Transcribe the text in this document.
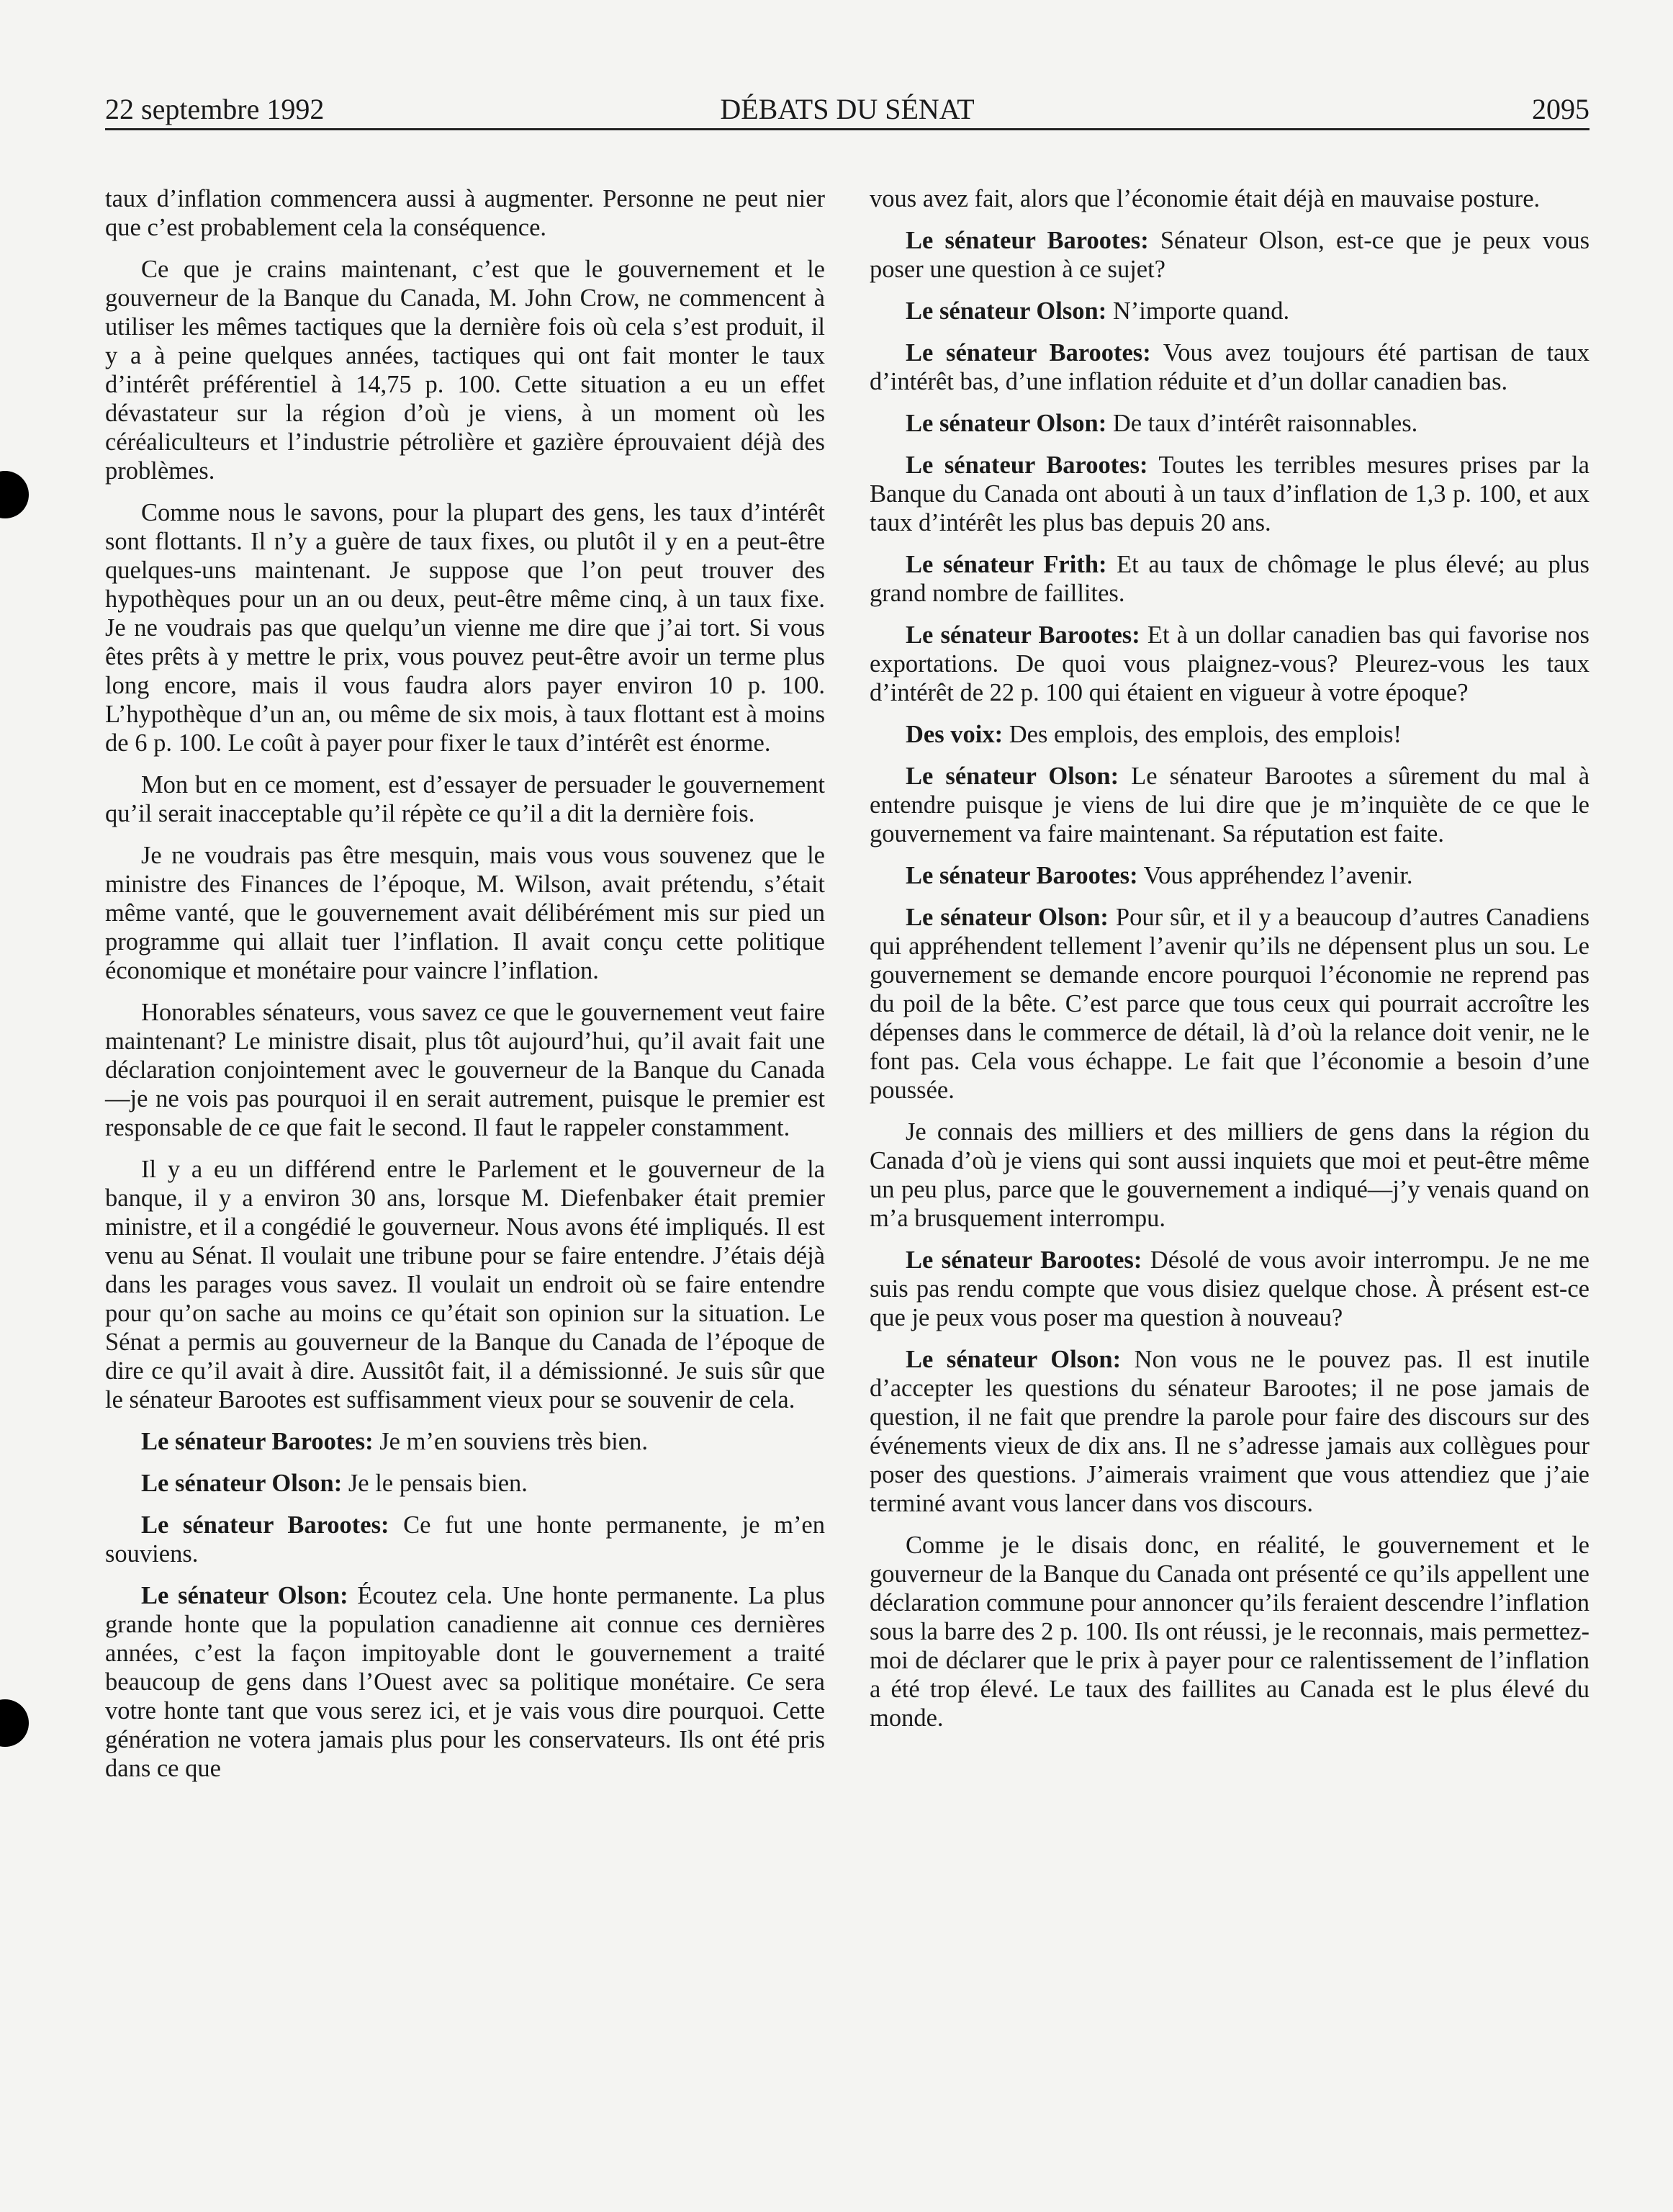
22 septembre 1992	DÉBATS DU SÉNAT	2095

taux d’inflation commencera aussi à augmenter. Personne ne peut nier que c’est probablement cela la conséquence.

Ce que je crains maintenant, c’est que le gouvernement et le gouverneur de la Banque du Canada, M. John Crow, ne commencent à utiliser les mêmes tactiques que la dernière fois où cela s’est produit, il y a à peine quelques années, tactiques qui ont fait monter le taux d’intérêt préférentiel à 14,75 p. 100. Cette situation a eu un effet dévastateur sur la région d’où je viens, à un moment où les céréaliculteurs et l’industrie pétrolière et gazière éprouvaient déjà des problèmes.

Comme nous le savons, pour la plupart des gens, les taux d’intérêt sont flottants. Il n’y a guère de taux fixes, ou plutôt il y en a peut-être quelques-uns maintenant. Je suppose que l’on peut trouver des hypothèques pour un an ou deux, peut-être même cinq, à un taux fixe. Je ne voudrais pas que quelqu’un vienne me dire que j’ai tort. Si vous êtes prêts à y mettre le prix, vous pouvez peut-être avoir un terme plus long encore, mais il vous faudra alors payer environ 10 p. 100. L’hypothèque d’un an, ou même de six mois, à taux flottant est à moins de 6 p. 100. Le coût à payer pour fixer le taux d’intérêt est énorme.

Mon but en ce moment, est d’essayer de persuader le gouvernement qu’il serait inacceptable qu’il répète ce qu’il a dit la dernière fois.

Je ne voudrais pas être mesquin, mais vous vous souvenez que le ministre des Finances de l’époque, M. Wilson, avait prétendu, s’était même vanté, que le gouvernement avait délibérément mis sur pied un programme qui allait tuer l’inflation. Il avait conçu cette politique économique et monétaire pour vaincre l’inflation.

Honorables sénateurs, vous savez ce que le gouvernement veut faire maintenant? Le ministre disait, plus tôt aujourd’hui, qu’il avait fait une déclaration conjointement avec le gouverneur de la Banque du Canada—je ne vois pas pourquoi il en serait autrement, puisque le premier est responsable de ce que fait le second. Il faut le rappeler constamment.

Il y a eu un différend entre le Parlement et le gouverneur de la banque, il y a environ 30 ans, lorsque M. Diefenbaker était premier ministre, et il a congédié le gouverneur. Nous avons été impliqués. Il est venu au Sénat. Il voulait une tribune pour se faire entendre. J’étais déjà dans les parages vous savez. Il voulait un endroit où se faire entendre pour qu’on sache au moins ce qu’était son opinion sur la situation. Le Sénat a permis au gouverneur de la Banque du Canada de l’époque de dire ce qu’il avait à dire. Aussitôt fait, il a démissionné. Je suis sûr que le sénateur Barootes est suffisamment vieux pour se souvenir de cela.

Le sénateur Barootes: Je m’en souviens très bien.

Le sénateur Olson: Je le pensais bien.

Le sénateur Barootes: Ce fut une honte permanente, je m’en souviens.

Le sénateur Olson: Écoutez cela. Une honte permanente. La plus grande honte que la population canadienne ait connue ces dernières années, c’est la façon impitoyable dont le gouvernement a traité beaucoup de gens dans l’Ouest avec sa politique monétaire. Ce sera votre honte tant que vous serez ici, et je vais vous dire pourquoi. Cette génération ne votera jamais plus pour les conservateurs. Ils ont été pris dans ce que

vous avez fait, alors que l’économie était déjà en mauvaise posture.

Le sénateur Barootes: Sénateur Olson, est-ce que je peux vous poser une question à ce sujet?

Le sénateur Olson: N’importe quand.

Le sénateur Barootes: Vous avez toujours été partisan de taux d’intérêt bas, d’une inflation réduite et d’un dollar canadien bas.

Le sénateur Olson: De taux d’intérêt raisonnables.

Le sénateur Barootes: Toutes les terribles mesures prises par la Banque du Canada ont abouti à un taux d’inflation de 1,3 p. 100, et aux taux d’intérêt les plus bas depuis 20 ans.

Le sénateur Frith: Et au taux de chômage le plus élevé; au plus grand nombre de faillites.

Le sénateur Barootes: Et à un dollar canadien bas qui favorise nos exportations. De quoi vous plaignez-vous? Pleurez-vous les taux d’intérêt de 22 p. 100 qui étaient en vigueur à votre époque?

Des voix: Des emplois, des emplois, des emplois!

Le sénateur Olson: Le sénateur Barootes a sûrement du mal à entendre puisque je viens de lui dire que je m’inquiète de ce que le gouvernement va faire maintenant. Sa réputation est faite.

Le sénateur Barootes: Vous appréhendez l’avenir.

Le sénateur Olson: Pour sûr, et il y a beaucoup d’autres Canadiens qui appréhendent tellement l’avenir qu’ils ne dépensent plus un sou. Le gouvernement se demande encore pourquoi l’économie ne reprend pas du poil de la bête. C’est parce que tous ceux qui pourrait accroître les dépenses dans le commerce de détail, là d’où la relance doit venir, ne le font pas. Cela vous échappe. Le fait que l’économie a besoin d’une poussée.

Je connais des milliers et des milliers de gens dans la région du Canada d’où je viens qui sont aussi inquiets que moi et peut-être même un peu plus, parce que le gouvernement a indiqué—j’y venais quand on m’a brusquement interrompu.

Le sénateur Barootes: Désolé de vous avoir interrompu. Je ne me suis pas rendu compte que vous disiez quelque chose. À présent est-ce que je peux vous poser ma question à nouveau?

Le sénateur Olson: Non vous ne le pouvez pas. Il est inutile d’accepter les questions du sénateur Barootes; il ne pose jamais de question, il ne fait que prendre la parole pour faire des discours sur des événements vieux de dix ans. Il ne s’adresse jamais aux collègues pour poser des questions. J’aimerais vraiment que vous attendiez que j’aie terminé avant vous lancer dans vos discours.

Comme je le disais donc, en réalité, le gouvernement et le gouverneur de la Banque du Canada ont présenté ce qu’ils appellent une déclaration commune pour annoncer qu’ils feraient descendre l’inflation sous la barre des 2 p. 100. Ils ont réussi, je le reconnais, mais permettez-moi de déclarer que le prix à payer pour ce ralentissement de l’inflation a été trop élevé. Le taux des faillites au Canada est le plus élevé du monde.
